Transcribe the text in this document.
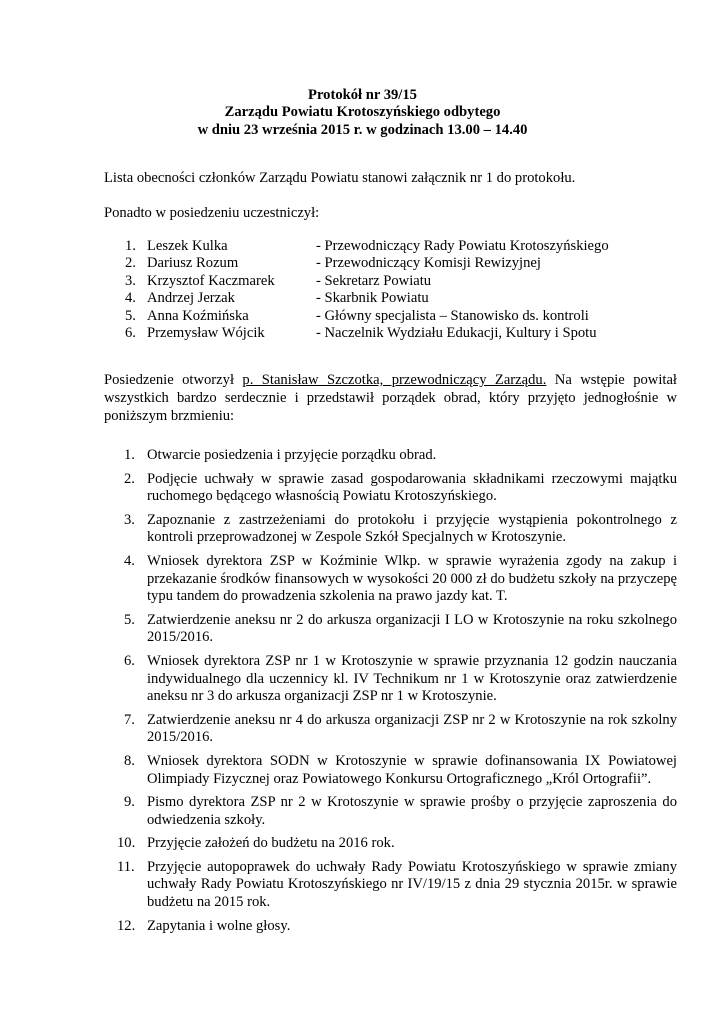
Protokół nr 39/15
Zarządu Powiatu Krotoszyńskiego odbytego
w dniu 23 września 2015 r. w godzinach 13.00 – 14.40
Lista obecności członków Zarządu Powiatu stanowi załącznik nr 1 do protokołu.
Ponadto w posiedzeniu uczestniczył:
1. Leszek Kulka	- Przewodniczący Rady Powiatu Krotoszyńskiego
2. Dariusz Rozum	- Przewodniczący Komisji Rewizyjnej
3. Krzysztof Kaczmarek	- Sekretarz Powiatu
4. Andrzej Jerzak	- Skarbnik Powiatu
5. Anna Koźmińska	- Główny specjalista – Stanowisko ds. kontroli
6. Przemysław Wójcik	- Naczelnik Wydziału Edukacji, Kultury i Spotu
Posiedzenie otworzył p. Stanisław Szczotka, przewodniczący Zarządu. Na wstępie powitał wszystkich bardzo serdecznie i przedstawił porządek obrad, który przyjęto jednogłośnie w poniższym brzmieniu:
1. Otwarcie posiedzenia i przyjęcie porządku obrad.
2. Podjęcie uchwały w sprawie zasad gospodarowania składnikami rzeczowymi majątku ruchomego będącego własnością Powiatu Krotoszyńskiego.
3. Zapoznanie z zastrzeżeniami do protokołu i przyjęcie wystąpienia pokontrolnego z kontroli przeprowadzonej w Zespole Szkół Specjalnych w Krotoszynie.
4. Wniosek dyrektora ZSP w Koźminie Wlkp. w sprawie wyrażenia zgody na zakup i przekazanie środków finansowych w wysokości 20 000 zł do budżetu szkoły na przyczepę typu tandem do prowadzenia szkolenia na prawo jazdy kat. T.
5. Zatwierdzenie aneksu nr 2 do arkusza organizacji I LO w Krotoszynie na roku szkolnego 2015/2016.
6. Wniosek dyrektora ZSP nr 1 w Krotoszynie w sprawie przyznania 12 godzin nauczania indywidualnego dla uczennicy kl. IV Technikum nr 1 w Krotoszynie oraz zatwierdzenie aneksu nr 3 do arkusza organizacji ZSP nr 1 w Krotoszynie.
7. Zatwierdzenie aneksu nr 4 do arkusza organizacji ZSP nr 2 w Krotoszynie na rok szkolny 2015/2016.
8. Wniosek dyrektora SODN w Krotoszynie w sprawie dofinansowania IX Powiatowej Olimpiady Fizycznej oraz Powiatowego Konkursu Ortograficznego „Król Ortografii”.
9. Pismo dyrektora ZSP nr 2 w Krotoszynie w sprawie prośby o przyjęcie zaproszenia do odwiedzenia szkoły.
10. Przyjęcie założeń do budżetu na 2016 rok.
11. Przyjęcie autopoprawek do uchwały Rady Powiatu Krotoszyńskiego w sprawie zmiany uchwały Rady Powiatu Krotoszyńskiego nr IV/19/15 z dnia 29 stycznia 2015r. w sprawie budżetu na 2015 rok.
12. Zapytania i wolne głosy.
